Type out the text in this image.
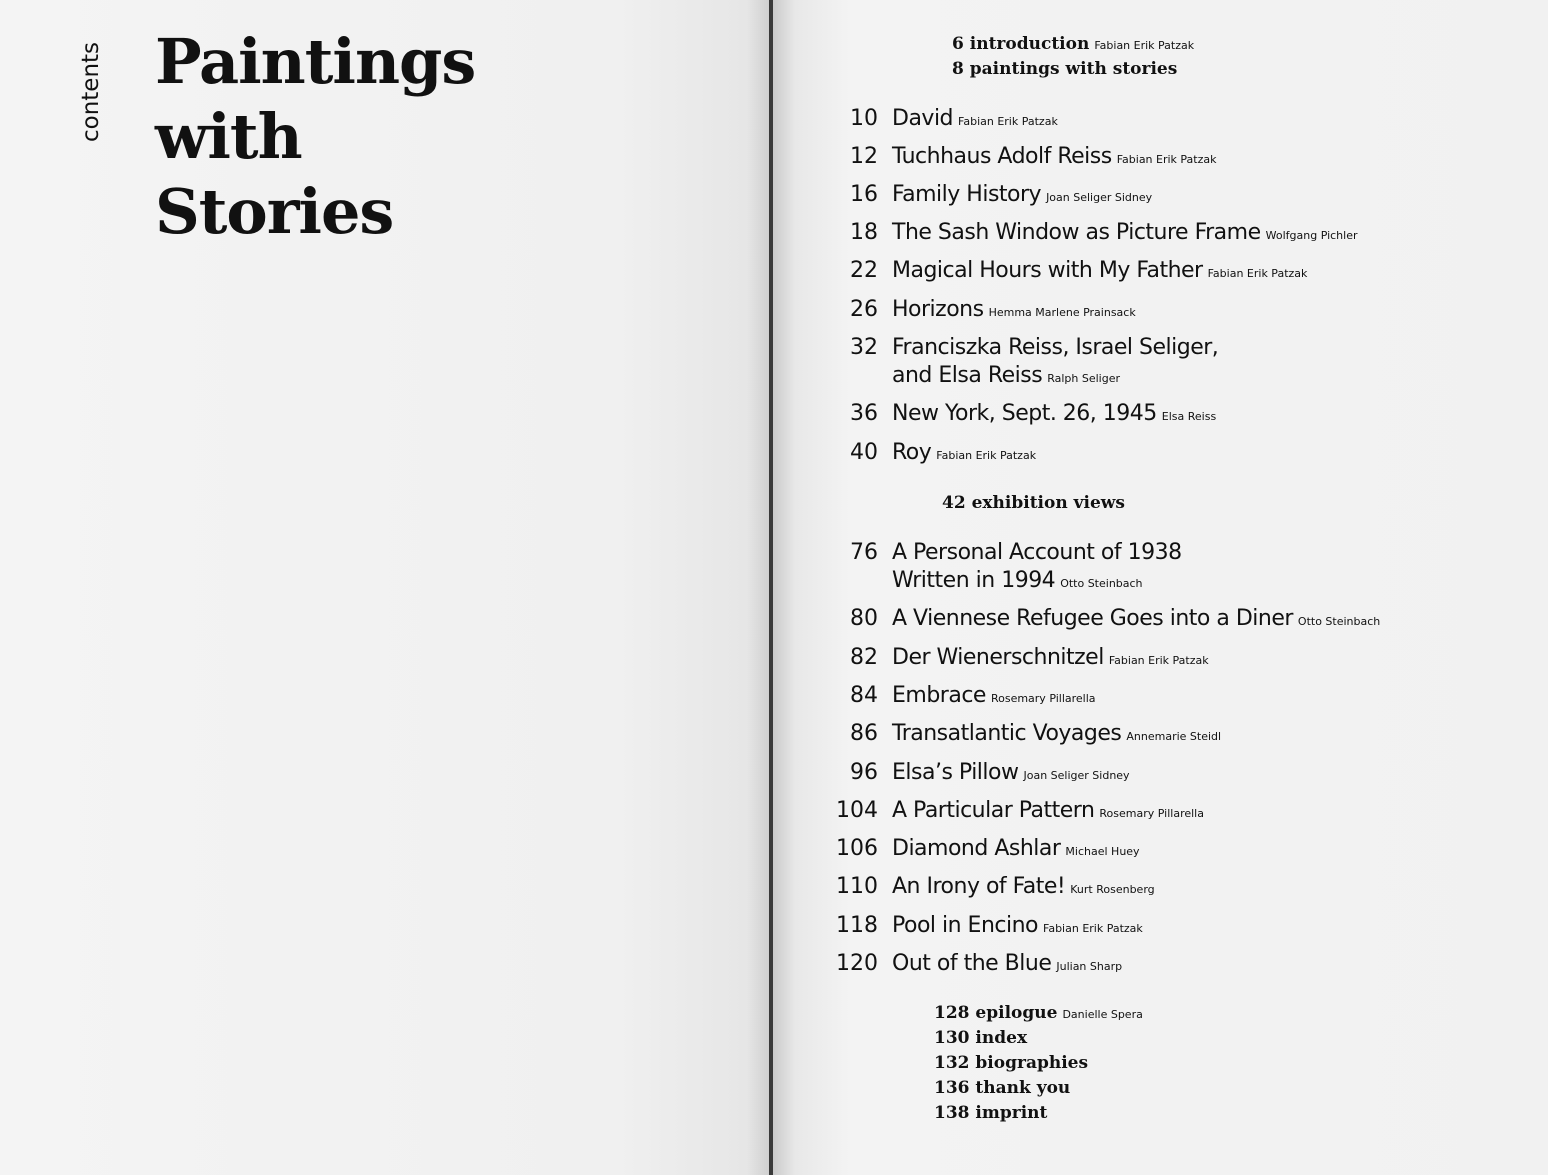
contents Paintings
with
Stories
6 introduction Fabian Erik Patzak
8 paintings with stories
10 David Fabian Erik Patzak
12 Tuchhaus Adolf Reiss Fabian Erik Patzak
16 Family History Joan Seliger Sidney
18 The Sash Window as Picture Frame Wolfgang Pichler
22 Magical Hours with My Father Fabian Erik Patzak
26 Horizons Hemma Marlene Prainsack
32 Franciszka Reiss, Israel Seliger,
and Elsa Reiss Ralph Seliger
36 New York, Sept. 26, 1945 Elsa Reiss
40 Roy Fabian Erik Patzak
42 exhibition views
76 A Personal Account of 1938
Written in 1994 Otto Steinbach
80 A Viennese Refugee Goes into a Diner Otto Steinbach
82 Der Wienerschnitzel Fabian Erik Patzak
84 Embrace Rosemary Pillarella
86 Transatlantic Voyages Annemarie Steidl
96 Elsa’s Pillow Joan Seliger Sidney
104 A Particular Pattern Rosemary Pillarella
106 Diamond Ashlar Michael Huey
110 An Irony of Fate! Kurt Rosenberg
118 Pool in Encino Fabian Erik Patzak
120 Out of the Blue Julian Sharp
128 epilogue Danielle Spera
130 index
132 biographies
136 thank you
138 imprint
